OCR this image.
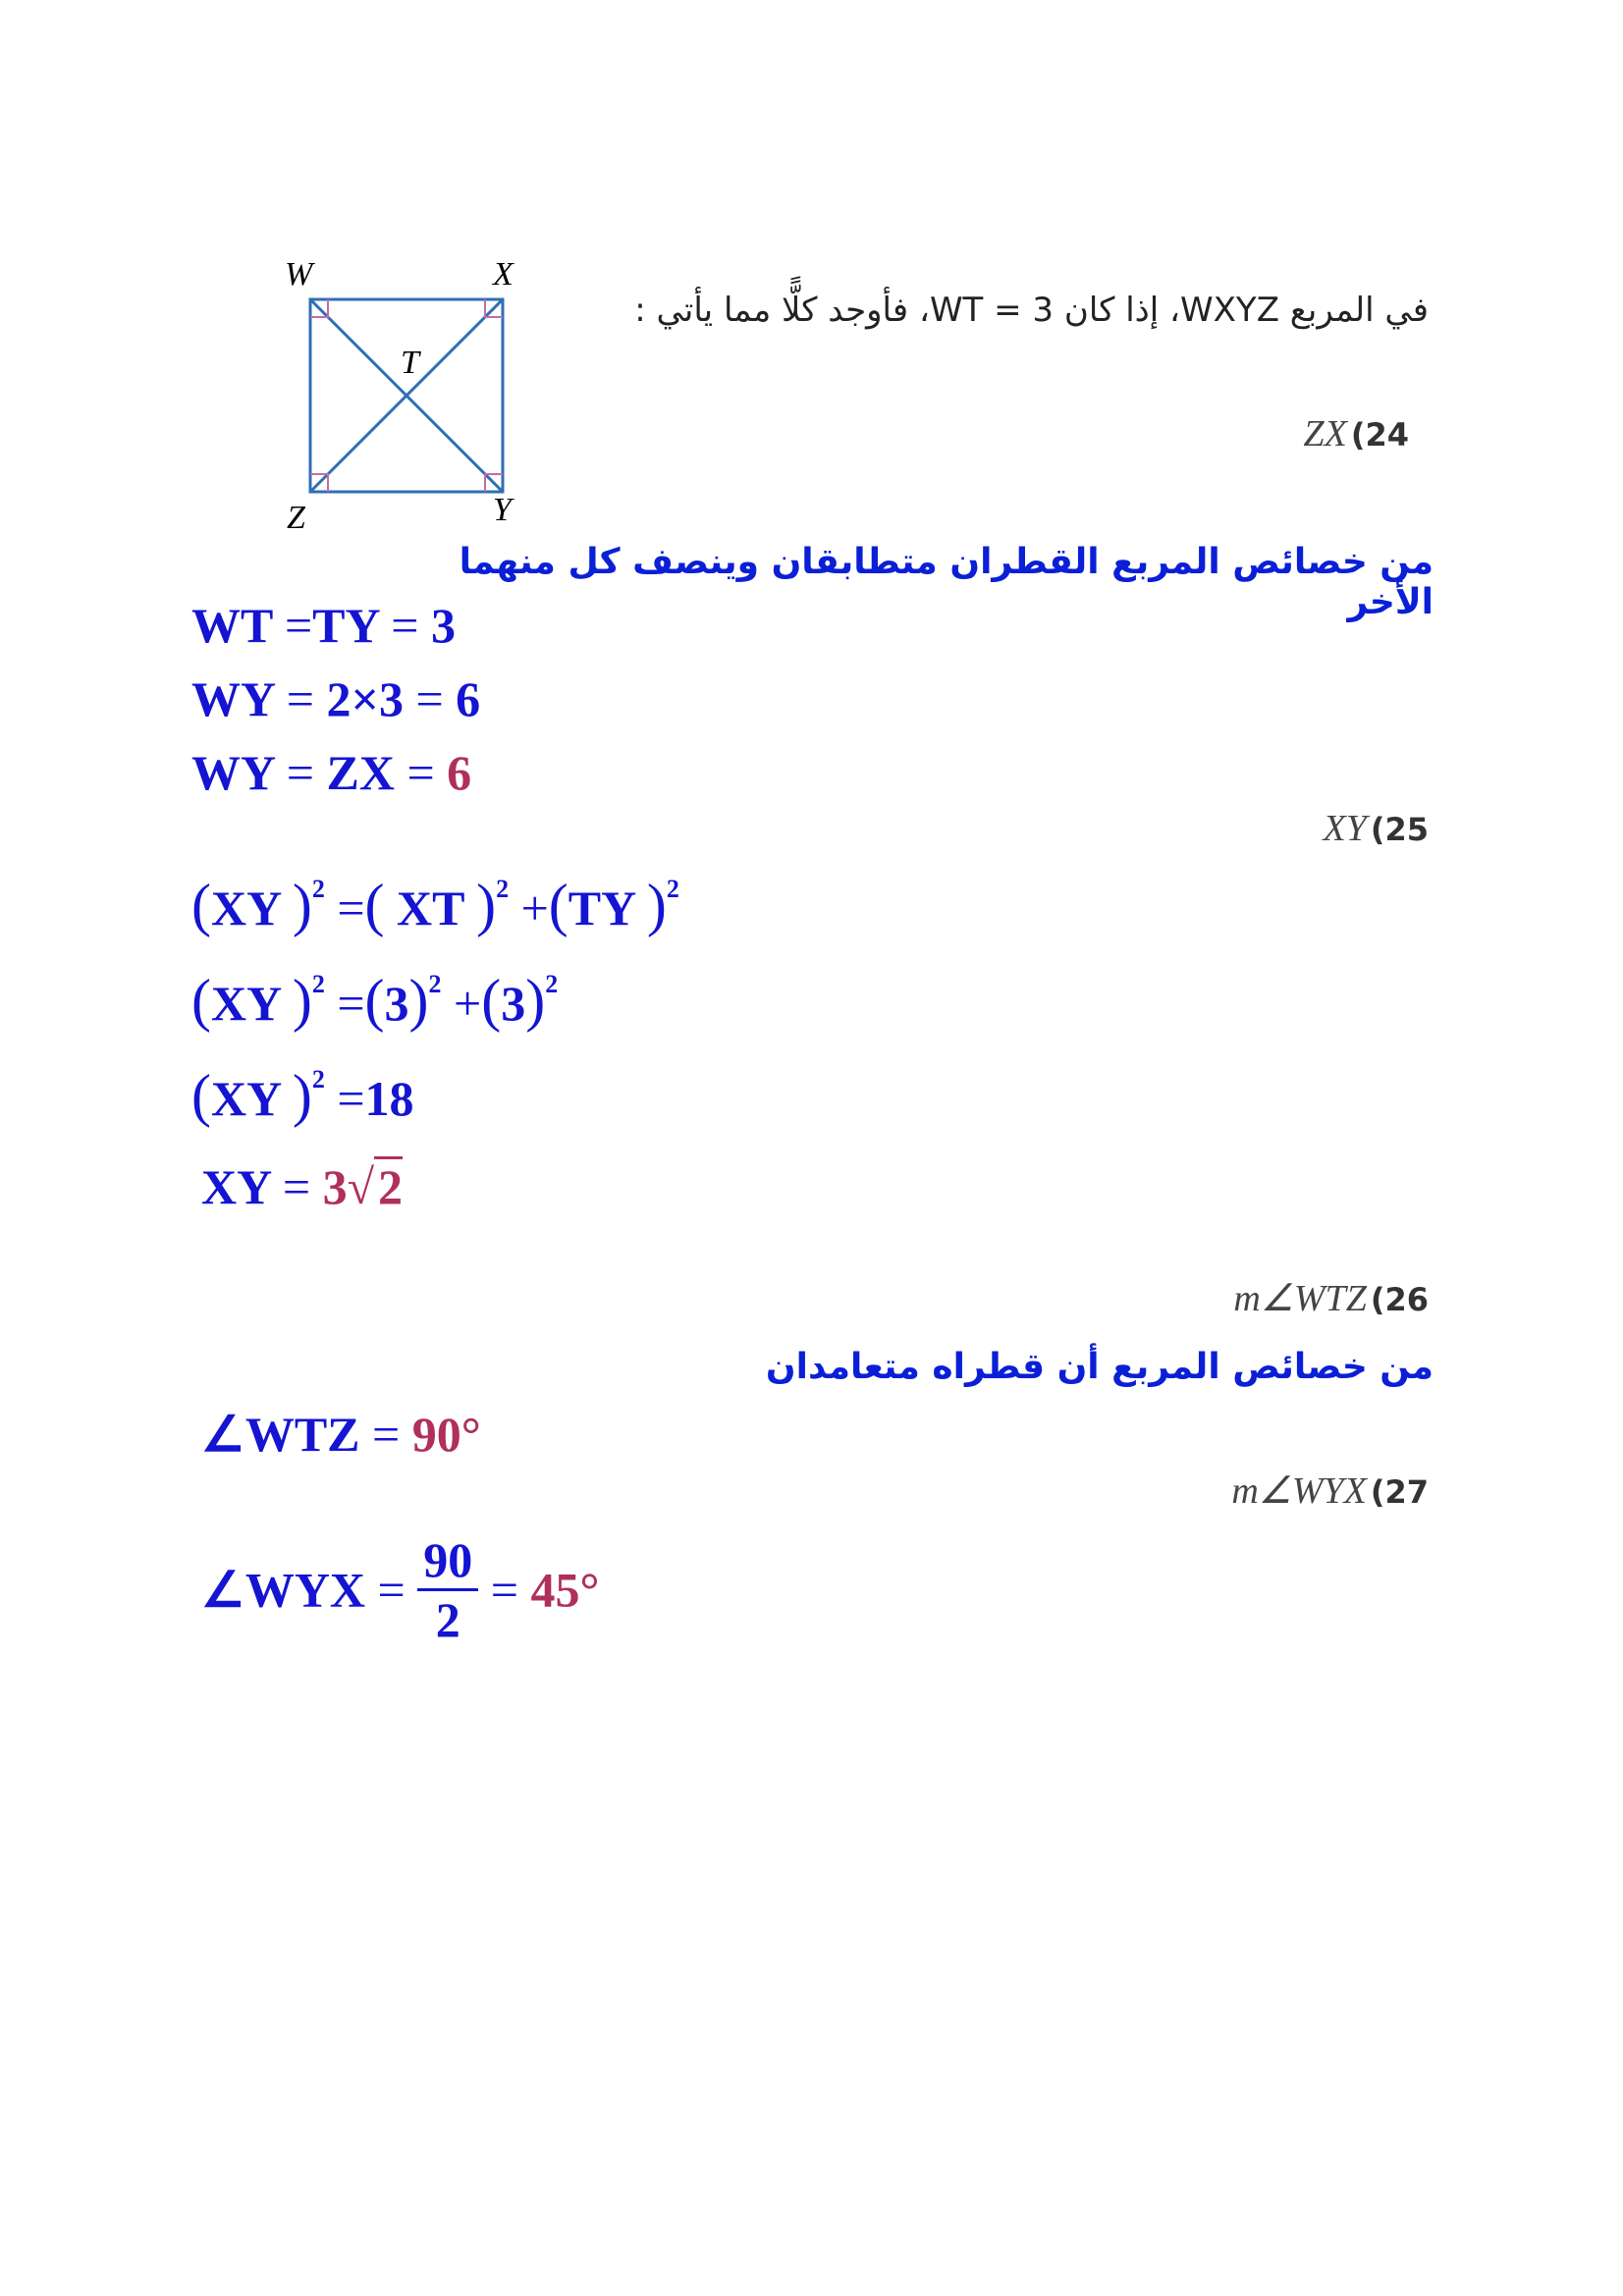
W	X
T
Z	Y
في المربع WXYZ، إذا كان WT = 3، فأوجد كلًّا مما يأتي :
ZX (24
من خصائص المربع القطران متطابقان وينصف كل منهما الأخر
WT =TY = 3
WY = 2×3 = 6
WY = ZX = 6
XY (25
(XY )$^2$ =( XT )$^2$ +(TY )$^2$
(XY )$^2 =(3)^2 +(3)^2$
(XY )$^2$ =18
XY = 3√2
m∠WTZ (26
من خصائص المربع أن قطراه متعامدان
∠WTZ = 90°
m∠WYX (27
∠WYX = $\frac{90}{2} = 45^\circ$
